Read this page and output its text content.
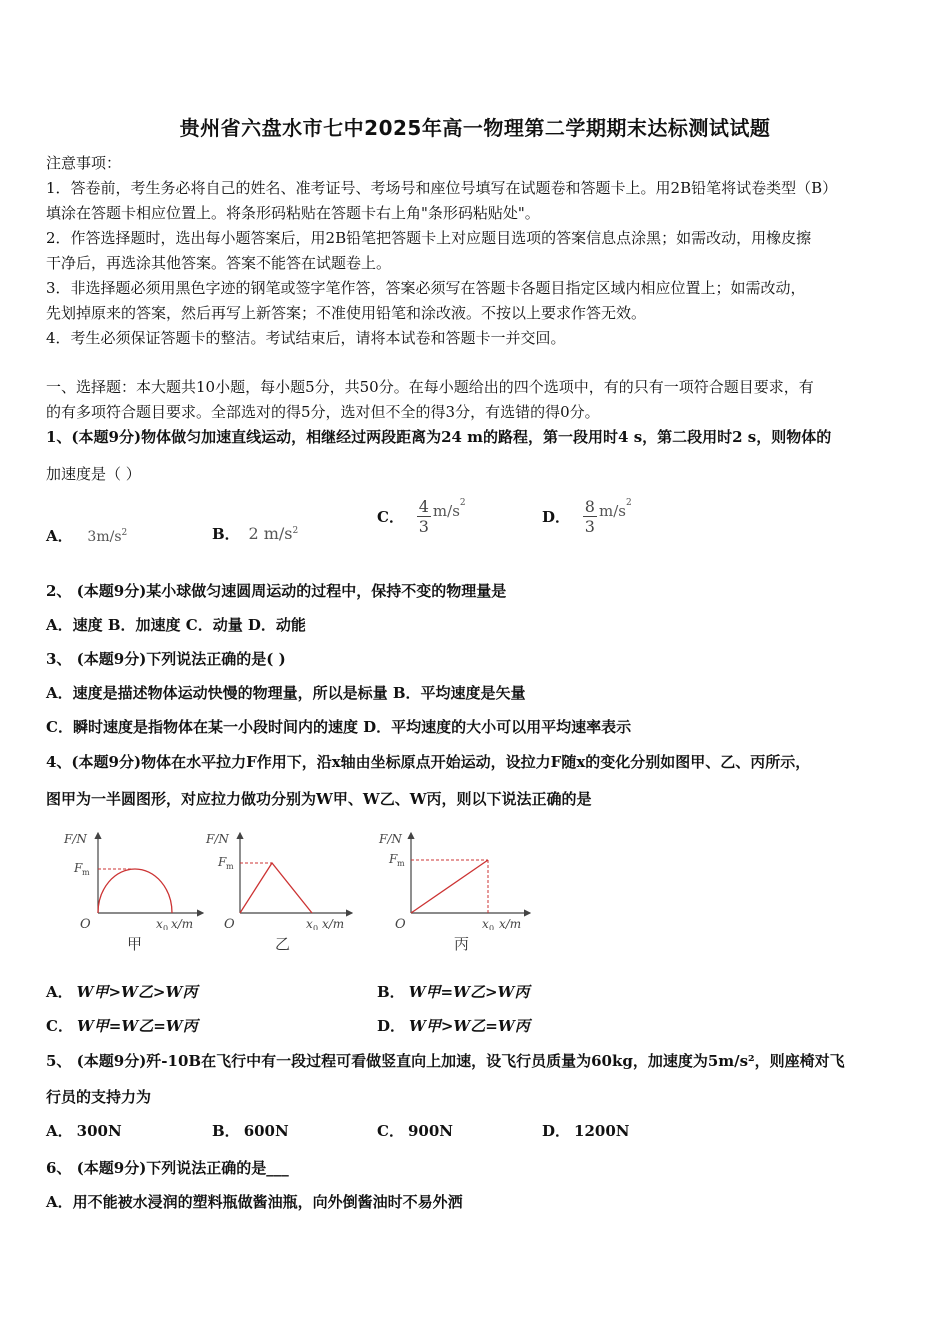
贵州省六盘水市七中2025年高一物理第二学期期末达标测试试题
注意事项：
1．答卷前，考生务必将自己的姓名、准考证号、考场号和座位号填写在试题卷和答题卡上。用2B铅笔将试卷类型（B）
填涂在答题卡相应位置上。将条形码粘贴在答题卡右上角"条形码粘贴处"。
2．作答选择题时，选出每小题答案后，用2B铅笔把答题卡上对应题目选项的答案信息点涂黑；如需改动，用橡皮擦
干净后，再选涂其他答案。答案不能答在试题卷上。
3．非选择题必须用黑色字迹的钢笔或签字笔作答，答案必须写在答题卡各题目指定区域内相应位置上；如需改动，
先划掉原来的答案，然后再写上新答案；不准使用铅笔和涂改液。不按以上要求作答无效。
4．考生必须保证答题卡的整洁。考试结束后，请将本试卷和答题卡一并交回。
一、选择题：本大题共10小题，每小题5分，共50分。在每小题给出的四个选项中，有的只有一项符合题目要求，有
的有多项符合题目要求。全部选对的得5分，选对但不全的得3分，有选错的得0分。
1、(本题9分)物体做匀加速直线运动，相继经过两段距离为24 m的路程，第一段用时4 s，第二段用时2 s，则物体的
加速度是（ ）
A． $3m/s^2$	B． 2 $m/s^2$
C． $\frac{4}{3} m/s^2$
D． $\frac{8}{3} m/s^2$
2、 (本题9分)某小球做匀速圆周运动的过程中，保持不变的物理量是
A．速度 B．加速度 C．动量 D．动能
3、 (本题9分)下列说法正确的是( )
A．速度是描述物体运动快慢的物理量，所以是标量 B．平均速度是矢量
C．瞬时速度是指物体在某一小段时间内的速度 D．平均速度的大小可以用平均速率表示
4、(本题9分)物体在水平拉力F作用下，沿x轴由坐标原点开始运动，设拉力F随x的变化分别如图甲、乙、丙所示，
图甲为一半圆图形，对应拉力做功分别为W甲、W乙、W丙，则以下说法正确的是
F/N
F m
O	x 0 x/m
甲
F/N
F m
O	x 0 x/m
乙
F/N
F m
O	x 0 x/m
丙
A． W甲>W乙>W丙	B． W甲=W乙>W丙
C． W甲=W乙=W丙	D． W甲>W乙=W丙
5、 (本题9分)歼-10B在飞行中有一段过程可看做竖直向上加速，设飞行员质量为60kg，加速度为5m/s²，则座椅对飞
行员的支持力为
A． 300N	B． 600N	C． 900N	D． 1200N
6、 (本题9分)下列说法正确的是___
A．用不能被水浸润的塑料瓶做酱油瓶，向外倒酱油时不易外洒
